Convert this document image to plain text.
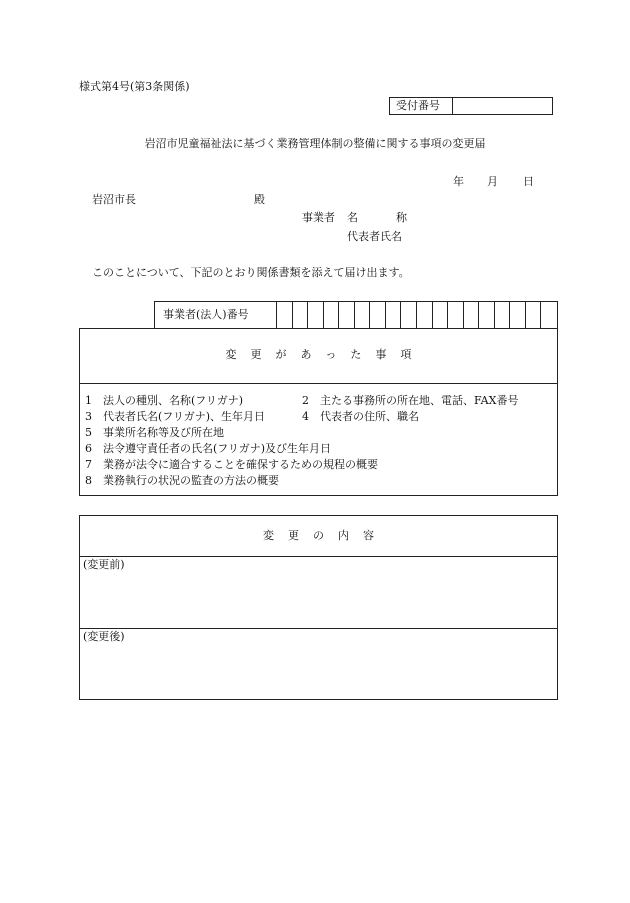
様式第4号(第3条関係)
受付番号
岩沼市児童福祉法に基づく業務管理体制の整備に関する事項の変更届
年 月 日
岩沼市長	殿
事業者 名	称
代表者氏名
このことについて、下記のとおり関係書類を添えて届け出ます。
事業者(法人)番号
変更があった事項
1　法人の種別、名称(フリガナ)	2　主たる事務所の所在地、電話、FAX番号
3　代表者氏名(フリガナ)、生年月日	4　代表者の住所、職名
5　事業所名称等及び所在地
6　法令遵守責任者の氏名(フリガナ)及び生年月日
7　業務が法令に適合することを確保するための規程の概要
8　業務執行の状況の監査の方法の概要
変更の内容
(変更前)
(変更後)
